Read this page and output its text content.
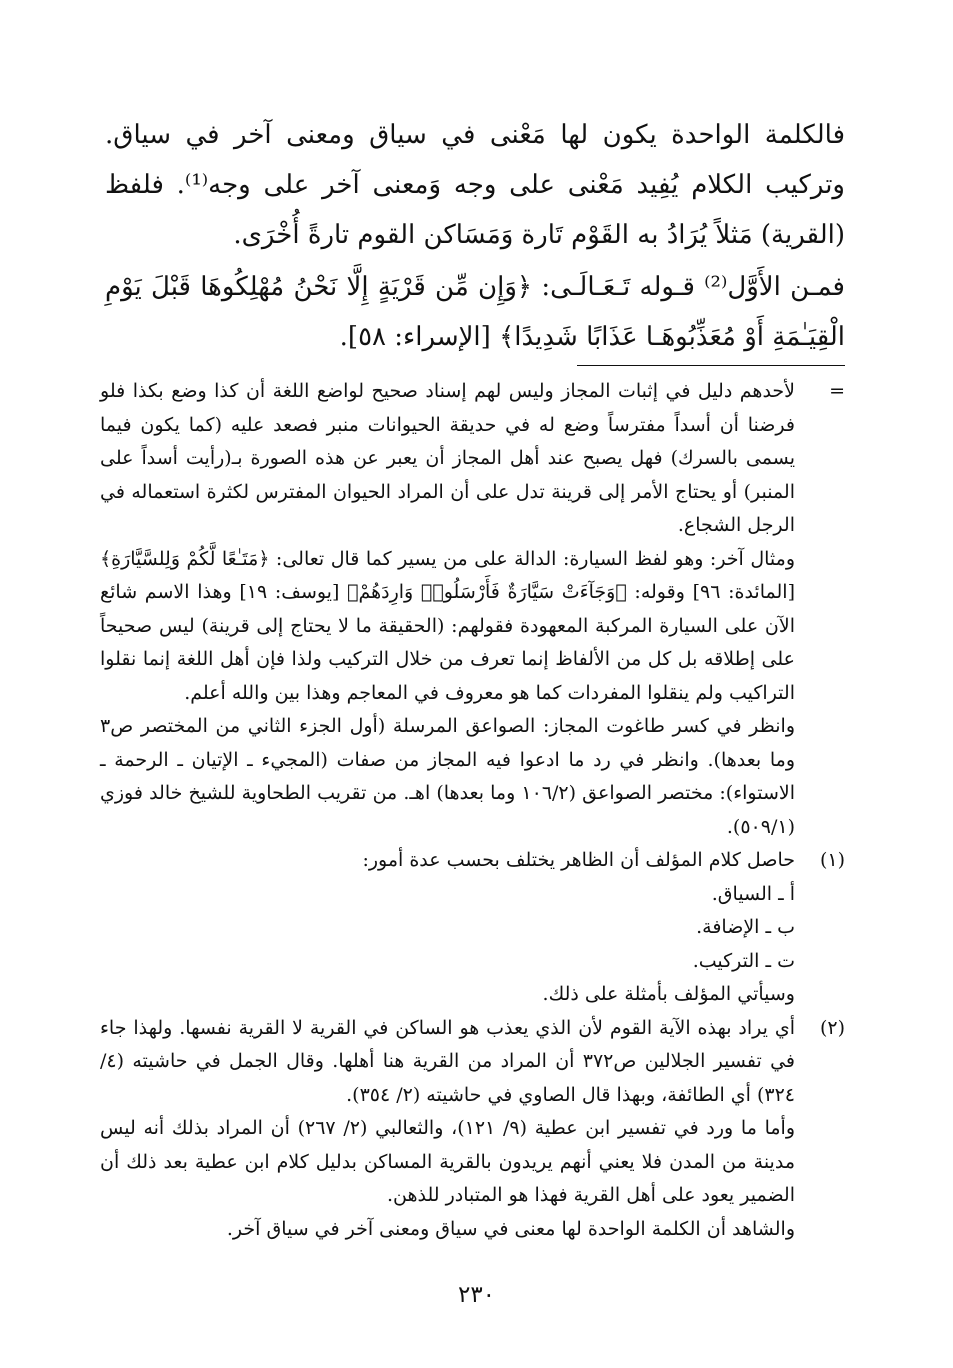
فالكلمة الواحدة يكون لها مَعْنى في سياق ومعنى آخر في سياق. وتركيب الكلام يُفِيد مَعْنى على وجه وَمعنى آخر على وجه⁽¹⁾. فلفظ (القرية) مَثلاً يُرَادُ به القَوْم تَارة وَمَسَاكن القوم تارةً أُخْرَى.

فمـن الأَوَّل⁽²⁾ قـوله تَـعَـالَـى: ﴿وَإِن مِّن قَرْيَةٍ إِلَّا نَحْنُ مُهْلِكُوهَا قَبْلَ يَوْمِ الْقِيَـٰمَةِ أَوْ مُعَذِّبُوهَـا عَذَابًا شَدِيدًا﴾ [الإسراء: ٥٨].

=

لأحدهم دليل في إثبات المجاز وليس لهم إسناد صحيح لواضع اللغة أن كذا وضع بكذا فلو فرضنا أن أسداً مفترساً وضع له في حديقة الحيوانات منبر فصعد عليه (كما يكون فيما يسمى بالسرك) فهل يصبح عند أهل المجاز أن يعبر عن هذه الصورة بـ(رأيت أسداً على المنبر) أو يحتاج الأمر إلى قرينة تدل على أن المراد الحيوان المفترس لكثرة استعماله في الرجل الشجاع.

ومثال آخر: وهو لفظ السيارة: الدالة على من يسير كما قال تعالى: ﴿مَتَـٰعًا لَّكُمْ وَلِلسَّيَّارَةِ﴾ [المائدة: ٩٦] وقوله: ﴿وَجَآءَتْ سَيَّارَةٌ فَأَرْسَلُوا۟ وَارِدَهُمْ﴾ [يوسف: ١٩] وهذا الاسم شائع الآن على السيارة المركبة المعهودة فقولهم: (الحقيقة ما لا يحتاج إلى قرينة) ليس صحيحاً على إطلاقه بل كل من الألفاظ إنما تعرف من خلال التركيب ولذا فإن أهل اللغة إنما نقلوا التراكيب ولم ينقلوا المفردات كما هو معروف في المعاجم وهذا بين والله أعلم.

وانظر في كسر طاغوت المجاز: الصواعق المرسلة (أول الجزء الثاني من المختصر ص٣ وما بعدها). وانظر في رد ما ادعوا فيه المجاز من صفات (المجيء ـ الإتيان ـ الرحمة ـ الاستواء): مختصر الصواعق (١٠٦/٢ وما بعدها) اهـ. من تقريب الطحاوية للشيخ خالد فوزي (٥٠٩/١).

(١)

حاصل كلام المؤلف أن الظاهر يختلف بحسب عدة أمور:

أ ـ السياق.

ب ـ الإضافة.

ت ـ التركيب.

وسيأتي المؤلف بأمثلة على ذلك.

(٢)

أي يراد بهذه الآية القوم لأن الذي يعذب هو الساكن في القرية لا القرية نفسها. ولهذا جاء في تفسير الجلالين ص٣٧٢ أن المراد من القرية هنا أهلها. وقال الجمل في حاشيته (٤/ ٣٢٤) أي الطائفة، وبهذا قال الصاوي في حاشيته (٢/ ٣٥٤).

وأما ما ورد في تفسير ابن عطية (٩/ ١٢١)، والثعالبي (٢/ ٢٦٧) أن المراد بذلك أنه ليس مدينة من المدن فلا يعني أنهم يريدون بالقرية المساكن بدليل كلام ابن عطية بعد ذلك أن الضمير يعود على أهل القرية فهذا هو المتبادر للذهن.

والشاهد أن الكلمة الواحدة لها معنى في سياق ومعنى آخر في سياق آخر.

٢٣٠
